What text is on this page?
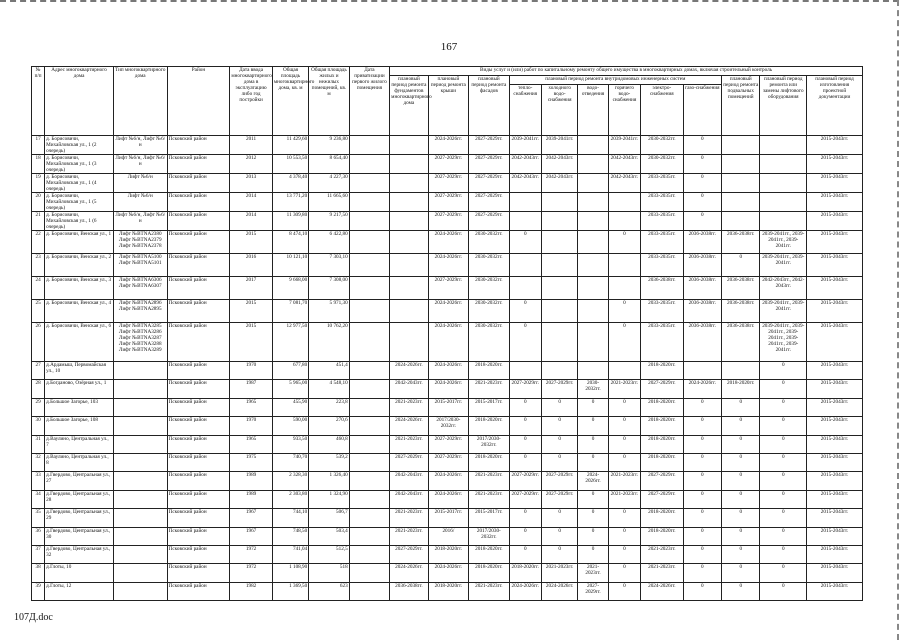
167
№ п/п	Адрес многоквартирного дома	Тип многоквартирного дома	Район	Дата ввода многоквартирного дома в эксплуатацию либо год постройки	Общая площадь многоквартирного дома, кв. м	Общая площадь жилых и нежилых помещений, кв. м	Дата приватизации первого жилого помещения	Виды услуг и (или) работ по капитальному ремонту общего имущества в многоквартирных домах, включая строительный контроль											
								плановый период ремонта фундаментов многоквартирного дома	плановый период ремонта крыши	плановый период ремонта фасадов	плановый период ремонта внутридомовых инженерных систем						плановый период ремонта подвальных помещений	плановый период ремонта или замены лифтового оборудования	плановый период изготовления проектной документации
											тепло-снабжения	холодного водо-снабжения	водо-отведения	горячего водо-снабжения	электро-снабжения	газо-снабжения			
17	д. Борисовичи, Михайловская ул., 1 (2 очередь)	Лифт №6/н, Лифт №6/н	Псковский район	2011	11 429,60	9 236,80			2024-2026гг.	2027-2029гг.	2039-2041гг.	2039-2041гг.		2039-2041гг.	2030-2032гг.	0			2015-2043гг.
18	д. Борисовичи, Михайловская ул., 1 (3 очередь)	Лифт №6/н, Лифт №6/н	Псковский район	2012	10 553,50	8 654,40			2027-2029гг.	2027-2029гг.	2042-2043гг.	2042-2043гг.		2042-2043гг.	2030-2032гг.	0			2015-2043гг.
19	д. Борисовичи, Михайловская ул., 1 (4 очередь)	Лифт №6/н	Псковский район	2013	4 378,40	4 227,30			2027-2029гг.	2027-2029гг.	2042-2043гг.	2042-2043гг.		2042-2043гг.	2033-2035гг.	0			2015-2043гг.
20	д. Борисовичи, Михайловская ул., 1 (5 очередь)	Лифт №6/н	Псковский район	2014	13 771,20	11 665,60			2027-2029гг.	2027-2029гг.					2033-2035гг.	0			2015-2043гг.
21	д. Борисовичи, Михайловская ул., 1 (6 очередь)	Лифт №6/н, Лифт №6/н	Псковский район	2014	11 309,80	9 217,50			2027-2029гг.	2027-2029гг.					2033-2035гг.	0			2015-2043гг.
22	д. Борисовичи, Венская ул., 1	Лифт №BTNA2380 Лифт №BTNA2379 Лифт №BTNA2378	Псковский район	2015	8 474,10	6 422,80			2024-2026гг.	2030-2032гг.	0			0	2033-2035гг.	2036-2038гг.	2036-2038гг.	2039-2041гг., 2039-2041гг., 2039-2041гг.	2015-2043гг.
23	д. Борисовичи, Венская ул., 2	Лифт №BTNA5100 Лифт №BTNA5101	Псковский район	2016	10 121,10	7 303,10			2024-2026гг.	2030-2032гг.					2033-2035гг.	2036-2038гг.	0	2039-2041гг., 2039-2041гг.	2015-2043гг.
24	д. Борисовичи, Венская ул., 3	Лифт №BTNA6306 Лифт №BTNA6307	Псковский район	2017	9 668,00	7 308,00			2027-2029гг.	2030-2032гг.					2036-2038гг.	2036-2038гг.	2036-2038гг.	2042-2043гг., 2042-2043гг.	2015-2043гг.
25	д. Борисовичи, Венская ул., 4	Лифт №BTNA2896 Лифт №BTNA2895	Псковский район	2015	7 081,70	5 971,30			2024-2026гг.	2030-2032гг.	0			0	2033-2035гг.	2036-2038гг.	2036-2038гг.	2039-2041гг., 2039-2041гг.	2015-2043гг.
26	д. Борисовичи, Венская ул., 6	Лифт №BTNA3285 Лифт №BTNA3286 Лифт №BTNA3287 Лифт №BTNA3288 Лифт №BTNA3289	Псковский район	2015	12 977,50	10 762,20			2024-2026гг.	2030-2032гг.	0			0	2033-2035гг.	2036-2038гг.	2036-2038гг.	2039-2041гг., 2039-2041гг., 2039-2041гг., 2039-2041гг., 2039-2041гг.	2015-2043гг.
27	д.Ардамыш, Первомайская ул., 10		Псковский район	1970	677,80	451,4		2024-2026гг.	2024-2026гг.	2018-2020гг.					2018-2020гг.			0	2015-2043гг.
28	д.Богданово, Озёрная ул., 1		Псковский район	1987	5 965,00	4 548,10		2042-2043гг.	2024-2026гг.	2021-2023гг.	2027-2029гг.	2027-2029гг.	2030-2032гг.	2021-2023гг.	2027-2029гг.	2024-2026гг.	2018-2020гг.	0	2015-2043гг.
29	д.Большое Загорье, 103		Псковский район	1965	455,90	223,8		2021-2023гг.	2015-2017гг.	2015-2017гг.	0	0	0	0	2018-2020гг.	0	0	0	2015-2043гг.
30	д.Большое Загорье, 108		Псковский район	1970	590,00	270,6		2024-2026гг.	2017/2030-2032гг.	2018-2020гг.	0	0	0	0	2018-2020гг.	0	0	0	2015-2043гг.
31	д.Ваулино, Центральная ул., 7		Псковский район	1965	933,50	460,8		2021-2023гг.	2027-2029гг.	2017/2030-2032гг.	0	0	0	0	2018-2020гг.	0	0	0	2015-2043гг.
32	д.Ваулино, Центральная ул., 8		Псковский район	1975	740,70	539,2		2027-2029гг.	2027-2029гг.	2018-2020гг.	0	0	0	0	2018-2020гг.	0	0	0	2015-2043гг.
33	д.Гвердово, Центральная ул., 27		Псковский район	1989	2 328,30	1 326,40		2042-2043гг.	2024-2026гг.	2021-2023гг.	2027-2029гг.	2027-2029гг.	2024-2026гг.	2021-2023гг.	2027-2029гг.	0	0	0	2015-2043гг.
34	д.Гвердово, Центральная ул., 28		Псковский район	1989	2 303,80	1 324,90		2042-2043гг.	2024-2026гг.	2021-2023гг.	2027-2029гг.	2027-2029гг.	0	2021-2023гг.	2027-2029гг.	0	0	0	2015-2043гг.
35	д.Гвердово, Центральная ул., 29		Псковский район	1967	744,10	506,7		2021-2023гг.	2015-2017гг.	2015-2017гг.	0	0	0	0	2018-2020гг.	0	0	0	2015-2043гг.
36	д.Гвердово, Центральная ул., 30		Псковский район	1967	748,50	503,4		2021-2023гг.	2016/	2017/2030-2032гг.	0	0	0	0	2018-2020гг.	0	0	0	2015-2043гг.
37	д.Гвердово, Центральная ул., 32		Псковский район	1972	741,04	512,5		2027-2029гг.	2018-2020гг.	2018-2020гг.	0	0	0	0	2021-2023гг.	0	0	0	2015-2043гг.
38	д.Глоты, 10		Псковский район	1972	1 108,90	518		2024-2026гг.	2024-2026гг.	2018-2020гг.	2018-2020гг.	2021-2023гг.	2021-2023гг.	0	2021-2023гг.	0	0	0	2015-2043гг.
39	д.Глоты, 12		Псковский район	1982	1 369,50	623		2036-2038гг.	2018-2020гг.	2021-2023гг.	2024-2026гг.	2024-2026гг.	2027-2029гг.	0	2024-2026гг.	0	0	0	2015-2043гг.
107Д.doc
